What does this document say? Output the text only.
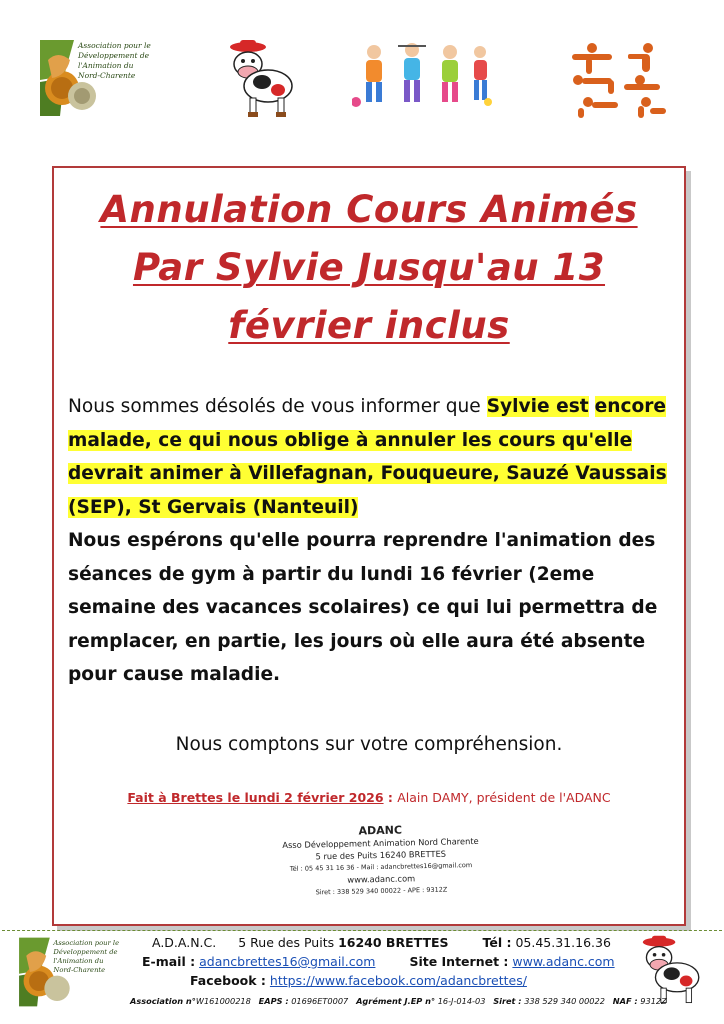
Association pour le
Développement de
l'Animation du
Nord-Charente
Annulation Cours Animés
Par Sylvie Jusqu'au 13
février inclus
Nous sommes désolés de vous informer que Sylvie est encore malade, ce qui nous oblige à annuler les cours qu'elle devrait animer à Villefagnan, Fouqueure, Sauzé Vaussais (SEP), St Gervais (Nanteuil)
Nous espérons qu'elle pourra reprendre l'animation des séances de gym à partir du lundi 16 février (2eme semaine des vacances scolaires) ce qui lui permettra de remplacer, en partie, les jours où elle aura été absente pour cause maladie.
Nous comptons sur votre compréhension.
Fait à Brettes le lundi 2 février 2026 : Alain DAMY, président de l'ADANC
ADANC
Asso Développement Animation Nord Charente
5 rue des Puits 16240 BRETTES
Tél : 05 45 31 16 36 - Mail : adancbrettes16@gmail.com
www.adanc.com
Siret : 338 529 340 00022 - APE : 9312Z
Association pour le
Développement de
l'Animation du
Nord-Charente
A.D.A.N.C. 5 Rue des Puits 16240 BRETTES	Tél : 05.45.31.16.36
E-mail : adancbrettes16@gmail.com	Site Internet : www.adanc.com
Facebook : https://www.facebook.com/adancbrettes/
Association n°W161000218 EAPS : 01696ET0007 Agrément J.EP n° 16-J-014-03 Siret : 338 529 340 00022 NAF : 9312Z
